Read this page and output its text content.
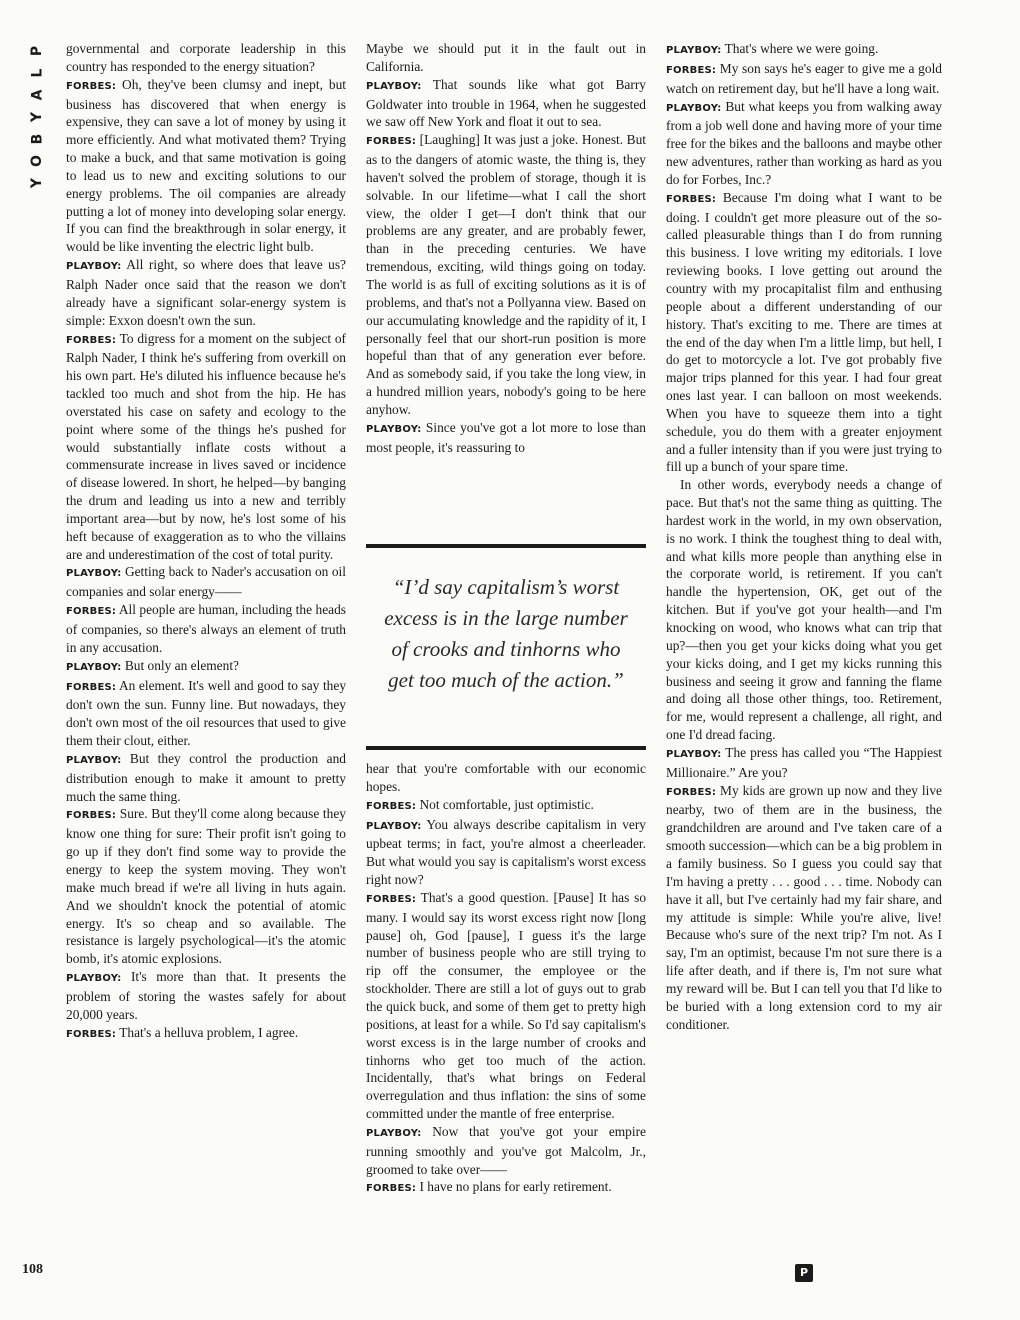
P
L
A
Y
B
O
Y

governmental and corporate leadership in this country has responded to the energy situation?

FORBES: Oh, they've been clumsy and inept, but business has discovered that when energy is expensive, they can save a lot of money by using it more efficiently. And what motivated them? Trying to make a buck, and that same motivation is going to lead us to new and exciting solutions to our energy problems. The oil companies are already putting a lot of money into developing solar energy. If you can find the breakthrough in solar energy, it would be like inventing the electric light bulb.

PLAYBOY: All right, so where does that leave us? Ralph Nader once said that the reason we don't already have a significant solar-energy system is simple: Exxon doesn't own the sun.

FORBES: To digress for a moment on the subject of Ralph Nader, I think he's suffering from overkill on his own part. He's diluted his influence because he's tackled too much and shot from the hip. He has overstated his case on safety and ecology to the point where some of the things he's pushed for would substantially inflate costs without a commensurate increase in lives saved or incidence of disease lowered. In short, he helped—by banging the drum and leading us into a new and terribly important area—but by now, he's lost some of his heft because of exaggeration as to who the villains are and underestimation of the cost of total purity.

PLAYBOY: Getting back to Nader's accusation on oil companies and solar energy——

FORBES: All people are human, including the heads of companies, so there's always an element of truth in any accusation.

PLAYBOY: But only an element?

FORBES: An element. It's well and good to say they don't own the sun. Funny line. But nowadays, they don't own most of the oil resources that used to give them their clout, either.

PLAYBOY: But they control the production and distribution enough to make it amount to pretty much the same thing.

FORBES: Sure. But they'll come along because they know one thing for sure: Their profit isn't going to go up if they don't find some way to provide the energy to keep the system moving. They won't make much bread if we're all living in huts again. And we shouldn't knock the potential of atomic energy. It's so cheap and so available. The resistance is largely psychological—it's the atomic bomb, it's atomic explosions.

PLAYBOY: It's more than that. It presents the problem of storing the wastes safely for about 20,000 years.

FORBES: That's a helluva problem, I agree.

Maybe we should put it in the fault out in California.

PLAYBOY: That sounds like what got Barry Goldwater into trouble in 1964, when he suggested we saw off New York and float it out to sea.

FORBES: [Laughing] It was just a joke. Honest. But as to the dangers of atomic waste, the thing is, they haven't solved the problem of storage, though it is solvable. In our lifetime—what I call the short view, the older I get—I don't think that our problems are any greater, and are probably fewer, than in the preceding centuries. We have tremendous, exciting, wild things going on today. The world is as full of exciting solutions as it is of problems, and that's not a Pollyanna view. Based on our accumulating knowledge and the rapidity of it, I personally feel that our short-run position is more hopeful than that of any generation ever before. And as somebody said, if you take the long view, in a hundred million years, nobody's going to be here anyhow.

PLAYBOY: Since you've got a lot more to lose than most people, it's reassuring to

“I’d say capitalism’s worst excess is in the large number of crooks and tinhorns who get too much of the action.”

hear that you're comfortable with our economic hopes.

FORBES: Not comfortable, just optimistic.

PLAYBOY: You always describe capitalism in very upbeat terms; in fact, you're almost a cheerleader. But what would you say is capitalism's worst excess right now?

FORBES: That's a good question. [Pause] It has so many. I would say its worst excess right now [long pause] oh, God [pause], I guess it's the large number of business people who are still trying to rip off the consumer, the employee or the stockholder. There are still a lot of guys out to grab the quick buck, and some of them get to pretty high positions, at least for a while. So I'd say capitalism's worst excess is in the large number of crooks and tinhorns who get too much of the action. Incidentally, that's what brings on Federal overregulation and thus inflation: the sins of some committed under the mantle of free enterprise.

PLAYBOY: Now that you've got your empire running smoothly and you've got Malcolm, Jr., groomed to take over——

FORBES: I have no plans for early retirement.

PLAYBOY: That's where we were going.

FORBES: My son says he's eager to give me a gold watch on retirement day, but he'll have a long wait.

PLAYBOY: But what keeps you from walking away from a job well done and having more of your time free for the bikes and the balloons and maybe other new adventures, rather than working as hard as you do for Forbes, Inc.?

FORBES: Because I'm doing what I want to be doing. I couldn't get more pleasure out of the so-called pleasurable things than I do from running this business. I love writing my editorials. I love reviewing books. I love getting out around the country with my procapitalist film and enthusing people about a different understanding of our history. That's exciting to me. There are times at the end of the day when I'm a little limp, but hell, I do get to motorcycle a lot. I've got probably five major trips planned for this year. I had four great ones last year. I can balloon on most weekends. When you have to squeeze them into a tight schedule, you do them with a greater enjoyment and a fuller intensity than if you were just trying to fill up a bunch of your spare time.

In other words, everybody needs a change of pace. But that's not the same thing as quitting. The hardest work in the world, in my own observation, is no work. I think the toughest thing to deal with, and what kills more people than anything else in the corporate world, is retirement. If you can't handle the hypertension, OK, get out of the kitchen. But if you've got your health—and I'm knocking on wood, who knows what can trip that up?—then you get your kicks doing what you get your kicks doing, and I get my kicks running this business and seeing it grow and fanning the flame and doing all those other things, too. Retirement, for me, would represent a challenge, all right, and one I'd dread facing.

PLAYBOY: The press has called you “The Happiest Millionaire.” Are you?

FORBES: My kids are grown up now and they live nearby, two of them are in the business, the grandchildren are around and I've taken care of a smooth succession—which can be a big problem in a family business. So I guess you could say that I'm having a pretty . . . good . . . time. Nobody can have it all, but I've certainly had my fair share, and my attitude is simple: While you're alive, live! Because who's sure of the next trip? I'm not. As I say, I'm an optimist, because I'm not sure there is a life after death, and if there is, I'm not sure what my reward will be. But I can tell you that I'd like to be buried with a long extension cord to my air conditioner.

108	P
